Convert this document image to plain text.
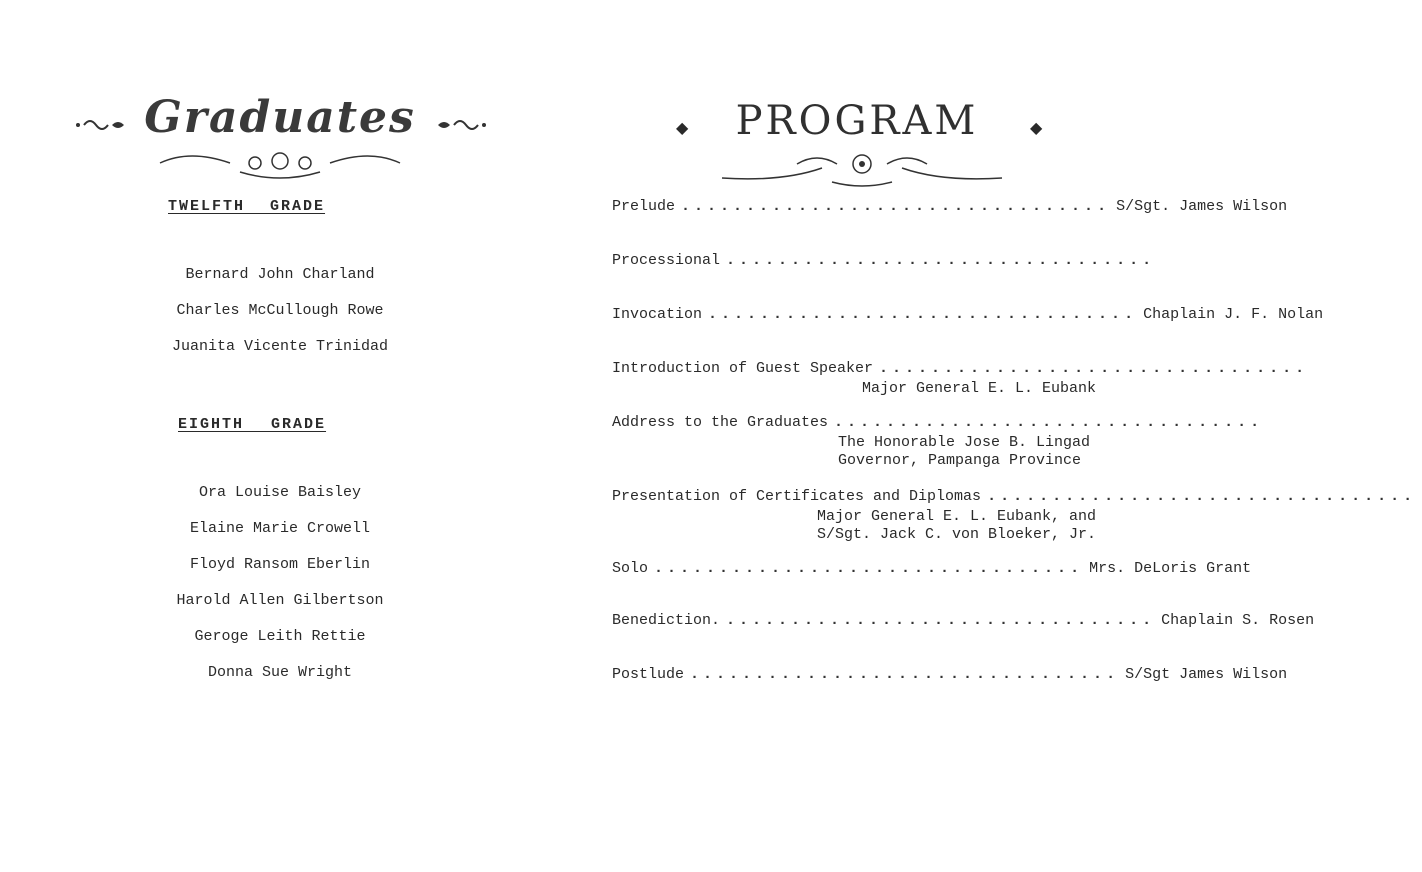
Graduates
TWELFTH GRADE
Bernard John Charland
Charles McCullough Rowe
Juanita Vicente Trinidad
EIGHTH GRADE
Ora Louise Baisley
Elaine Marie Crowell
Floyd Ransom Eberlin
Harold Allen Gilbertson
Geroge Leith Rettie
Donna Sue Wright
◆	PROGRAM	◆
Prelude ................................. S/Sgt. James Wilson
Processional .................................
Invocation ................................. Chaplain J. F. Nolan
Introduction of Guest Speaker .................................
Major General E. L. Eubank
Address to the Graduates .................................
The Honorable Jose B. Lingad
Governor, Pampanga Province
Presentation of Certificates and Diplomas .................................
Major General E. L. Eubank, and
S/Sgt. Jack C. von Bloeker, Jr.
Solo ................................. Mrs. DeLoris Grant
Benediction. ................................. Chaplain S. Rosen
Postlude ................................. S/Sgt James Wilson
